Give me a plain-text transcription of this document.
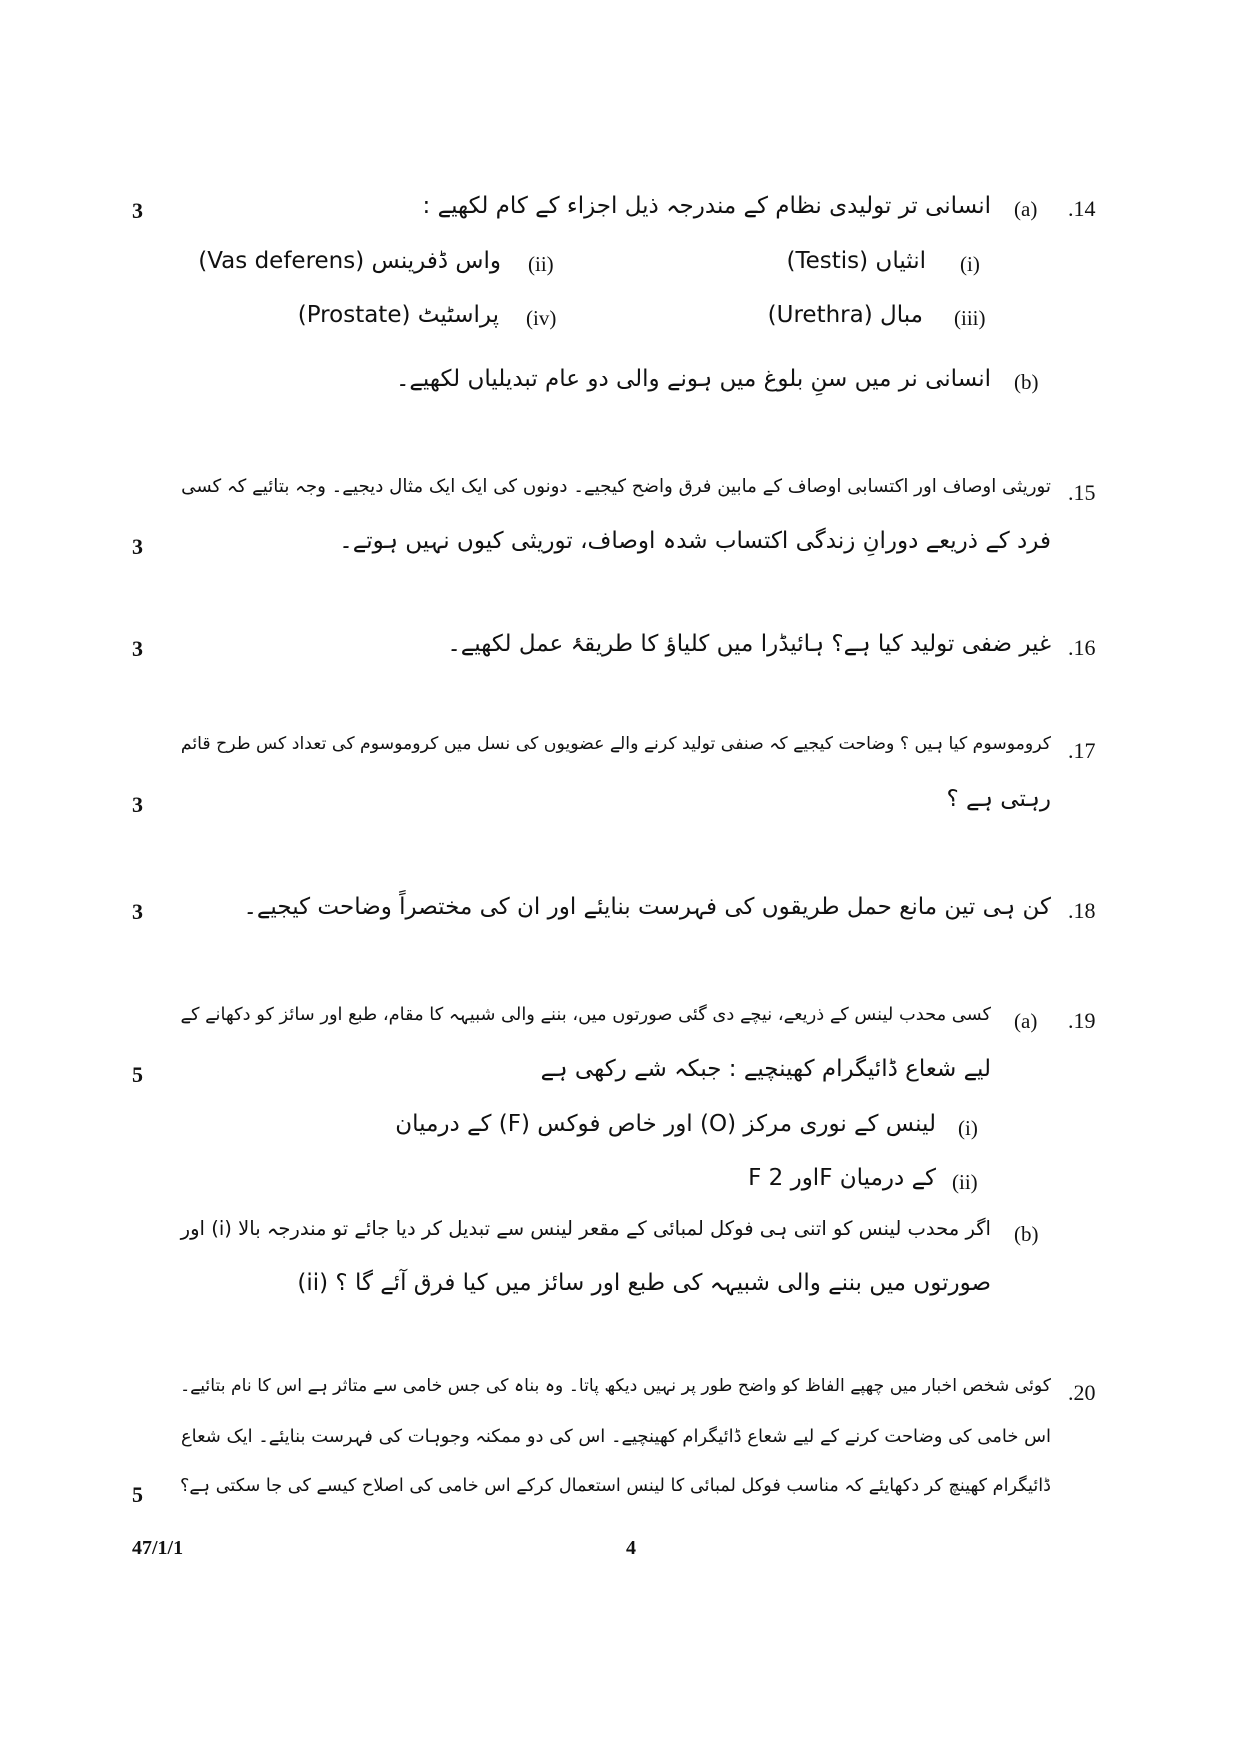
.14
(a)
انسانی تر تولیدی نظام کے مندرجہ ذیل اجزاء کے کام لکھیے :
3
(i)
انثیاں (Testis)
(ii)
واس ڈفرینس (Vas deferens)
(iii)
مبال (Urethra)
(iv)
پراسٹیٹ (Prostate)
(b)
انسانی نر میں سنِ بلوغ میں ہونے والی دو عام تبدیلیاں لکھیے۔
.15
توریثی اوصاف اور اکتسابی اوصاف کے مابین فرق واضح کیجیے۔ دونوں کی ایک ایک مثال دیجیے۔ وجہ بتائیے کہ کسی
فرد کے ذریعے دورانِ زندگی اکتساب شدہ اوصاف، توریثی کیوں نہیں ہوتے۔
3
.16
غیر ضفی تولید کیا ہے؟ ہائیڈرا میں کلیاؤ کا طریقۂ عمل لکھیے۔
3
.17
کروموسوم کیا ہیں ؟ وضاحت کیجیے کہ صنفی تولید کرنے والے عضویوں کی نسل میں کروموسوم کی تعداد کس طرح قائم
رہتی ہے ؟
3
.18
کن ہی تین مانع حمل طریقوں کی فہرست بنایئے اور ان کی مختصراً وضاحت کیجیے۔
3
.19
(a)
کسی محدب لینس کے ذریعے، نیچے دی گئی صورتوں میں، بننے والی شبیہہ کا مقام، طبع اور سائز کو دکھانے کے
لیے شعاع ڈائیگرام کھینچیے : جبکہ شے رکھی ہے
5
(i)
لینس کے نوری مرکز (O) اور خاص فوکس (F) کے درمیان
(ii)
F اور 2F کے درمیان
(b)
اگر محدب لینس کو اتنی ہی فوکل لمبائی کے مقعر لینس سے تبدیل کر دیا جائے تو مندرجہ بالا (i) اور
(ii) صورتوں میں بننے والی شبیہہ کی طبع اور سائز میں کیا فرق آئے گا ؟
.20
کوئی شخص اخبار میں چھپے الفاظ کو واضح طور پر نہیں دیکھ پاتا۔ وہ بناہ کی جس خامی سے متاثر ہے اس کا نام بتائیے۔
اس خامی کی وضاحت کرنے کے لیے شعاع ڈائیگرام کھینچیے۔ اس کی دو ممکنہ وجوہات کی فہرست بنایئے۔ ایک شعاع
ڈائیگرام کھینچ کر دکھایئے کہ مناسب فوکل لمبائی کا لینس استعمال کرکے اس خامی کی اصلاح کیسے کی جا سکتی ہے؟
5
47/1/1	4
